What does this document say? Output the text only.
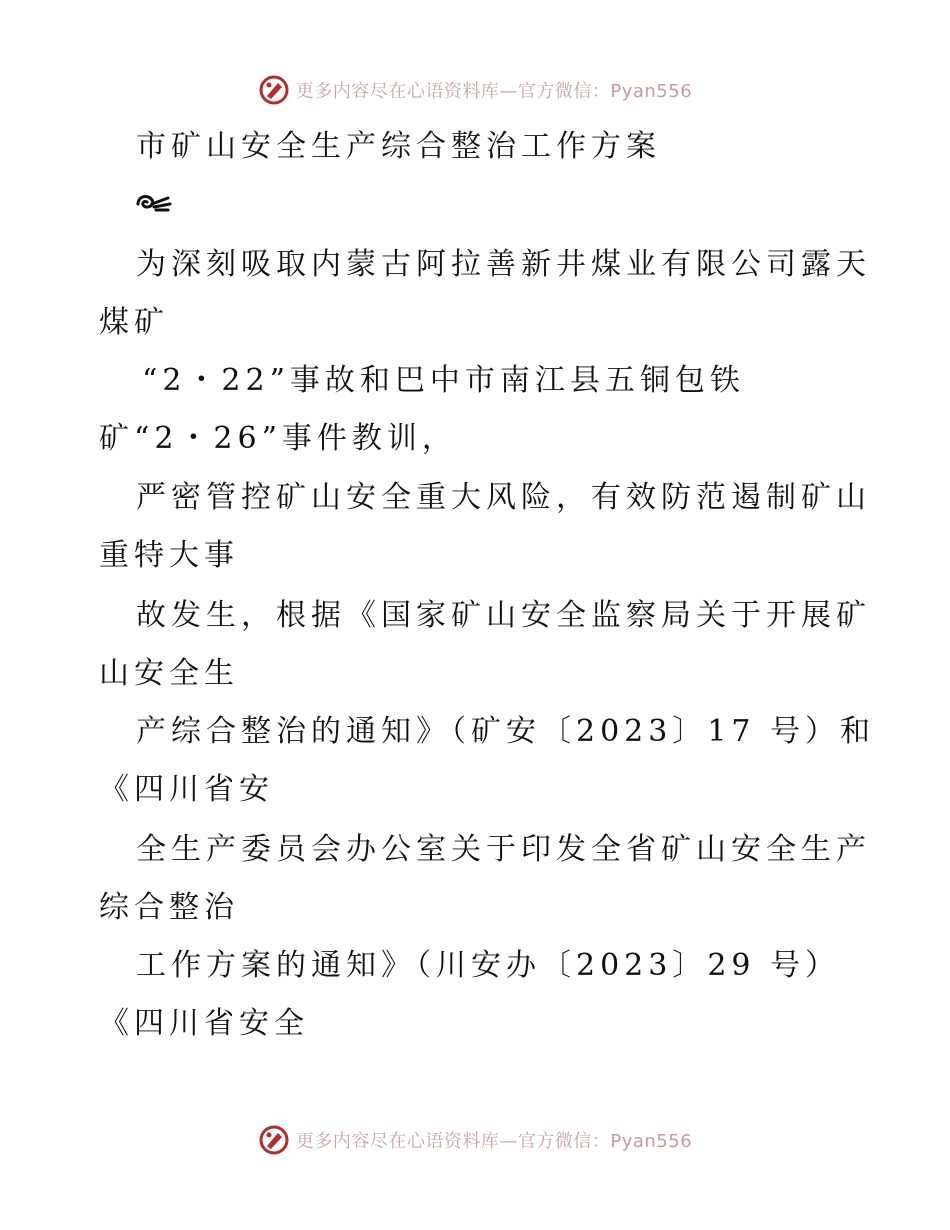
更多内容尽在心语资料库—官方微信：Pyan556
市矿山安全生产综合整治工作方案
为深刻吸取内蒙古阿拉善新井煤业有限公司露天
煤矿
“2・22”事故和巴中市南江县五铜包铁
矿“2・26”事件教训，
严密管控矿山安全重大风险，有效防范遏制矿山
重特大事
故发生，根据《国家矿山安全监察局关于开展矿
山安全生
产综合整治的通知》（矿安〔2023〕17 号）和
《四川省安
全生产委员会办公室关于印发全省矿山安全生产
综合整治
工作方案的通知》（川安办〔2023〕29 号）
《四川省安全
更多内容尽在心语资料库—官方微信：Pyan556
